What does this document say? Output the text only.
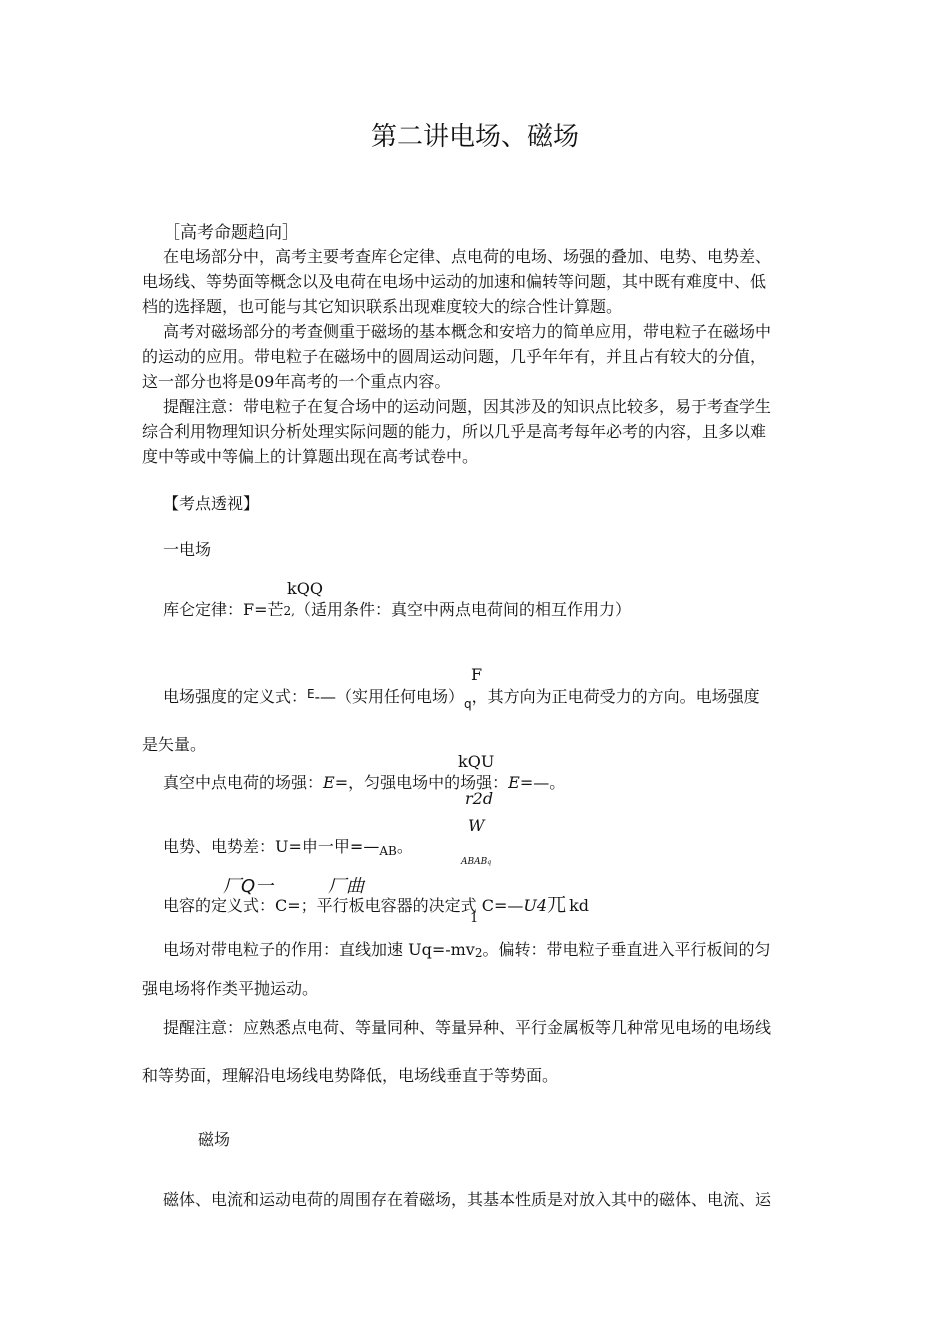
第二讲电场、磁场
［高考命题趋向］
在电场部分中，高考主要考查库仑定律、点电荷的电场、场强的叠加、电势、电势差、
电场线、等势面等概念以及电荷在电场中运动的加速和偏转等问题，其中既有难度中、低
档的选择题，也可能与其它知识联系出现难度较大的综合性计算题。
高考对磁场部分的考查侧重于磁场的基本概念和安培力的简单应用，带电粒子在磁场中
的运动的应用。带电粒子在磁场中的圆周运动问题，几乎年年有，并且占有较大的分值，
这一部分也将是09年高考的一个重点内容。
提醒注意：带电粒子在复合场中的运动问题，因其涉及的知识点比较多，易于考查学生
综合利用物理知识分析处理实际问题的能力，所以几乎是高考每年必考的内容，且多以难
度中等或中等偏上的计算题出现在高考试卷中。
【考点透视】
一电场
kQQ
库仑定律：F=芒2,（适用条件：真空中两点电荷间的相互作用力）
F
电场强度的定义式：$^E$-—（实用任何电场）$_q$，其方向为正电荷受力的方向。电场强度
是矢量。
kQU
真空中点电荷的场强：E=，匀强电场中的场强：E=—。
r2d
W
电势、电势差：U=申一甲=—AB。
ABABq
厂Q一	厂曲
电容的定义式：C=；平行板电容器的决定式 C=—U4兀 kd
1
电场对带电粒子的作用：直线加速 Uq=-mv2。偏转：带电粒子垂直进入平行板间的匀
强电场将作类平抛运动。
提醒注意：应熟悉点电荷、等量同种、等量异种、平行金属板等几种常见电场的电场线
和等势面，理解沿电场线电势降低，电场线垂直于等势面。
磁场
磁体、电流和运动电荷的周围存在着磁场，其基本性质是对放入其中的磁体、电流、运
